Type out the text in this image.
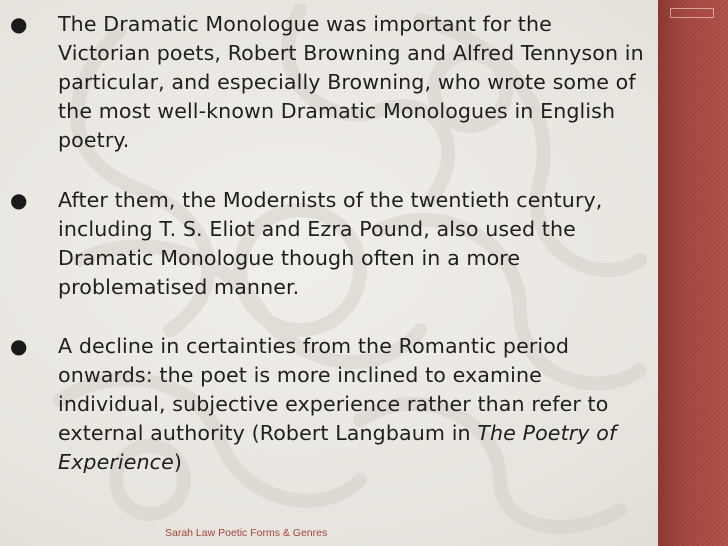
● The Dramatic Monologue was important for the Victorian poets, Robert Browning and Alfred Tennyson in particular, and especially Browning, who wrote some of the most well-known Dramatic Monologues in English poetry.

● After them, the Modernists of the twentieth century, including T. S. Eliot and Ezra Pound, also used the Dramatic Monologue though often in a more problematised manner.

● A decline in certainties from the Romantic period onwards: the poet is more inclined to examine individual, subjective experience rather than refer to external authority (Robert Langbaum in The Poetry of Experience)

Sarah Law Poetic Forms & Genres
